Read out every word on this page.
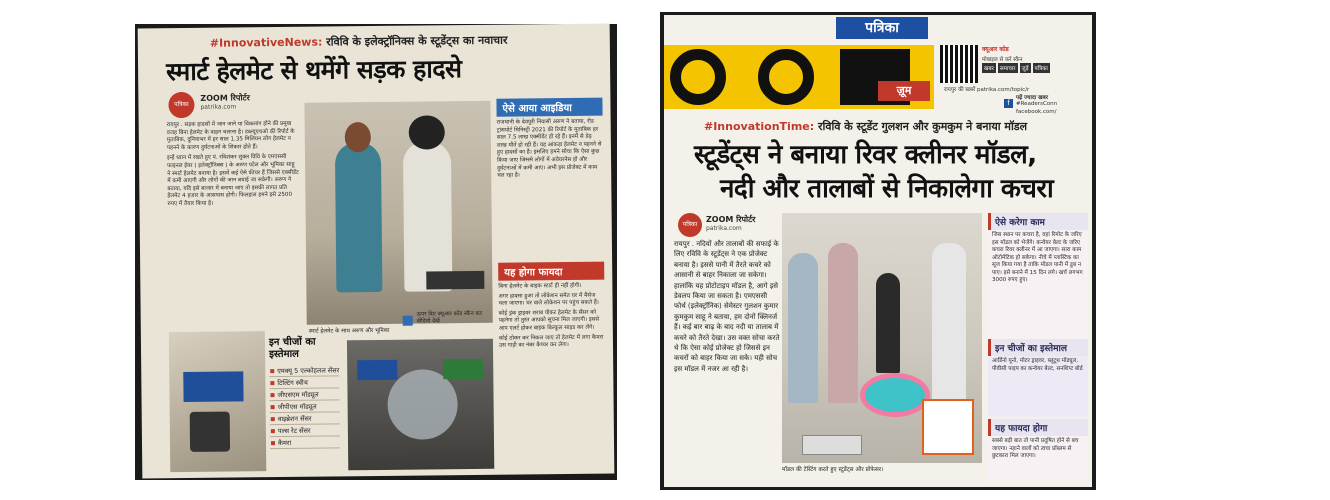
#InnovativeNews: रविवि के इलेक्ट्रॉनिक्स के स्टूडेंट्स का नवाचार
स्मार्ट हेलमेट से थमेंगे सड़क हादसे
पत्रिका
ZOOM रिपोर्टर
patrika.com

रायपुर . सड़क हादसों में जान जाने या विकलांग होने की प्रमुख वजह बिना हेलमेट के वाहन चलाना है। डब्ल्यूएचओ की रिपोर्ट के मुताबिक, दुनियाभर में हर साल 1.35 मिलियन लोग हेलमेट न पहनने के कारण दुर्घटनाओं के शिकार होते हैं।

इन्हें ध्यान में रखते हुए पं. रविशंकर शुक्ल विवि के एमएससी फाइनल ईयर ( इलेक्ट्रॉनिक्स ) के अरुण पटेल और भूमिका साहू ने स्मार्ट हेलमेट बनाया है। इसमें कई ऐसे फीचर हैं जिससे एक्सीडेंट में कमी आएगी और लोगों की जान बचाई जा सकेगी। अरुण ने बताया, यदि इसे बाजार में बनाया जाए तो इसकी लागत प्रति हेलमेट 4 हजार के आसपास होगी। फिलहाल हमने इसे 2500 रुपए में तैयार किया है।

स्मार्ट हेलमेट के साथ अरुण और भूमिका
ऊपर दिए क्यूआर कोड स्कैन कर वीडियो देखें
ऐसे आया आइडिया
राजधानी के देवपुरी निवासी अरुण ने बताया, रोड ट्रांसपोर्ट मिनिस्ट्री 2021 की रिपोर्ट के मुताबिक हर साल 7.5 लाख एक्सीडेंट हो रहे हैं। इनमें से डेढ़ लाख मौतें हो रही हैं। यह आंकड़ा हेलमेट न पहनने से हुए हादसों का है। इसलिए हमने सोचा कि ऐसा कुछ किया जाए जिससे लोगों में अवेयरनेस हो और दुर्घटनाओं में कमी आए। अभी इस प्रोजेक्ट में काम चल रहा है।
यह होगा फायदा
बिना हेलमेट के बाइक स्टार्ट ही नहीं होगी।
अगर हादसा हुआ तो लोकेशन समेत घर में मैसेज चला जाएगा। घर वाले लोकेशन पर पहुंच सकते हैं।
कोई ड्रंक ड्राइवर शराब पीकर हेलमेट के सेंसर को पहनेगा तो तुरंत आपको सूचना मिल जाएगी। इससे आप एलर्ट होकर बाइक बिल्कुल साइड कर लेंगे।
कोई ठोकर कर निकल जाए तो हेलमेट में लगा कैमरा उस गाड़ी का नंबर कैप्चर कर लेगा।
इन चीजों का इस्तेमाल
एमक्यू 5 एल्कोहलल सेंसर
टिल्टिंग स्वीच
जीएसएम मॉड्यूल
जीपीएस मॉड्यूल
वाइब्रेशन सेंसर
पल्स रेट सेंसर
कैमरा
पत्रिका
ज़ूम
क्यूआर कोड
मोबाइल से करें स्कैन
खबर	समाचार	जुड़ें	पत्रिका
रायपुर की खबरें patrika.com/topic/r
पढ़ें ज्यादा खबर
f	#ReadersConn
facebook.com/
#InnovationTime: रविवि के स्टूडेंट गुलशन और कुमकुम ने बनाया मॉडल
स्टूडेंट्स ने बनाया रिवर क्लीनर मॉडल,
नदी और तालाबों से निकालेगा कचरा
पत्रिका
ZOOM रिपोर्टर
patrika.com
रायपुर . नदियों और तालाबों की सफाई के लिए रविवि के स्टूडेंट्स ने एक प्रोजेक्ट बनाया है। इससे पानी में तैरते कचरे को आसानी से बाहर निकाला जा सकेगा। हालांकि यह प्रोटोटाइप मॉडल है, आगे इसे डेवलप किया जा सकता है। एमएससी फोर्थ (इलेक्ट्रॉनिक) सेमेस्टर गुलशन कुमार कुमकुम साहू ने बताया, हम दोनों क्लिनर्ज हैं। कई बार बाढ़ के बाद नदी या तालाब में कचरे को तैरते देखा। उस वक्त सोचा करते थे कि ऐसा कोई प्रोजेक्ट हो जिससे इन कचरों को बाहर किया जा सके। यही सोच इस मॉडल में नजर आ रही है।
मॉडल की टेस्टिंग करते हुए स्टूडेंट्स और प्रोफेसर।
ऐसे करेगा काम
जिस स्थान पर कचरा है, वहां रिमोट के जरिए इस मॉडल को भेजेंगे। कन्वेयर बेल्ट के जरिए कचरा रिवर क्लीनर में आ जाएगा। सारा काम ऑटोमेटिक हो सकेगा। नीचे में प्लास्टिक का सूज किया गया है ताकि मॉडल पानी में डूब न पाए। इसे बनाने में 15 दिन लगे। खर्च लगभग 3000 रुपए हुए।
इन चीजों का इस्तेमाल
आर्डिनो यूनो, मोटर ड्राइवर, ब्लूटूथ मॉड्यूल, पीवीसी पाइप का कन्वेयर बेल्ट, सनशिप्ट बोर्ड
यह फायदा होगा
सबसे बड़ी बात तो पानी प्रदूषित होने से बच जाएगा। नहाने वालों को त्वचा प्रॉब्लम से छुटकारा मिल जाएगा।
